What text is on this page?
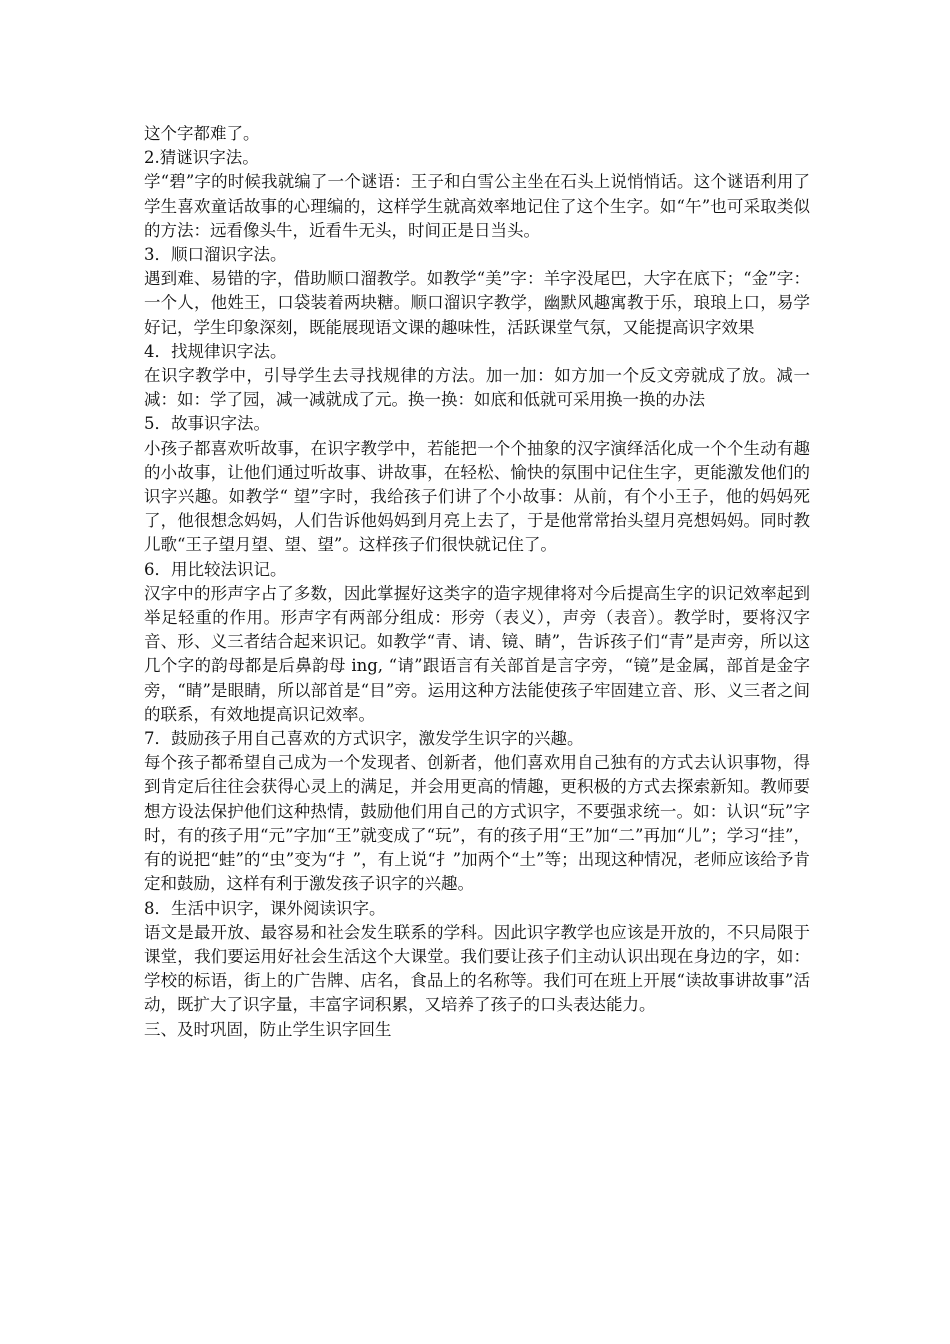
这个字都难了。

2.猜谜识字法。

学“碧”字的时候我就编了一个谜语：王子和白雪公主坐在石头上说悄悄话。这个谜语利用了学生喜欢童话故事的心理编的，这样学生就高效率地记住了这个生字。如“午”也可采取类似的方法：远看像头牛，近看牛无头，时间正是日当头。

3．顺口溜识字法。

遇到难、易错的字，借助顺口溜教学。如教学“美”字：羊字没尾巴，大字在底下；“金”字：一个人，他姓王，口袋装着两块糖。顺口溜识字教学，幽默风趣寓教于乐，琅琅上口，易学好记，学生印象深刻，既能展现语文课的趣味性，活跃课堂气氛，又能提高识字效果

4．找规律识字法。

在识字教学中，引导学生去寻找规律的方法。加一加：如方加一个反文旁就成了放。减一减：如：学了园，减一减就成了元。换一换：如底和低就可采用换一换的办法

5．故事识字法。

小孩子都喜欢听故事，在识字教学中，若能把一个个抽象的汉字演绎活化成一个个生动有趣的小故事，让他们通过听故事、讲故事，在轻松、愉快的氛围中记住生字，更能激发他们的识字兴趣。如教学“ 望”字时，我给孩子们讲了个小故事：从前，有个小王子，他的妈妈死了，他很想念妈妈，人们告诉他妈妈到月亮上去了，于是他常常抬头望月亮想妈妈。同时教儿歌“王子望月望、望、望”。这样孩子们很快就记住了。

6．用比较法识记。

汉字中的形声字占了多数，因此掌握好这类字的造字规律将对今后提高生字的识记效率起到举足轻重的作用。形声字有两部分组成：形旁（表义），声旁（表音）。教学时，要将汉字音、形、义三者结合起来识记。如教学“青、请、镜、睛”，告诉孩子们“青”是声旁，所以这几个字的韵母都是后鼻韵母 ing, “请”跟语言有关部首是言字旁，“镜”是金属，部首是金字旁，“睛”是眼睛，所以部首是“目”旁。运用这种方法能使孩子牢固建立音、形、义三者之间的联系，有效地提高识记效率。

7．鼓励孩子用自己喜欢的方式识字，激发学生识字的兴趣。

每个孩子都希望自己成为一个发现者、创新者，他们喜欢用自己独有的方式去认识事物，得到肯定后往往会获得心灵上的满足，并会用更高的情趣，更积极的方式去探索新知。教师要想方设法保护他们这种热情，鼓励他们用自己的方式识字，不要强求统一。如：认识“玩”字时，有的孩子用“元”字加“王”就变成了“玩”，有的孩子用“王”加“二”再加“儿”；学习“挂”，有的说把“蛙”的“虫”变为“扌”，有上说“扌”加两个“土”等；出现这种情况，老师应该给予肯定和鼓励，这样有利于激发孩子识字的兴趣。

8．生活中识字，课外阅读识字。

语文是最开放、最容易和社会发生联系的学科。因此识字教学也应该是开放的，不只局限于课堂，我们要运用好社会生活这个大课堂。我们要让孩子们主动认识出现在身边的字，如：学校的标语，街上的广告牌、店名，食品上的名称等。我们可在班上开展“读故事讲故事”活动，既扩大了识字量，丰富字词积累，又培养了孩子的口头表达能力。

三、及时巩固，防止学生识字回生
